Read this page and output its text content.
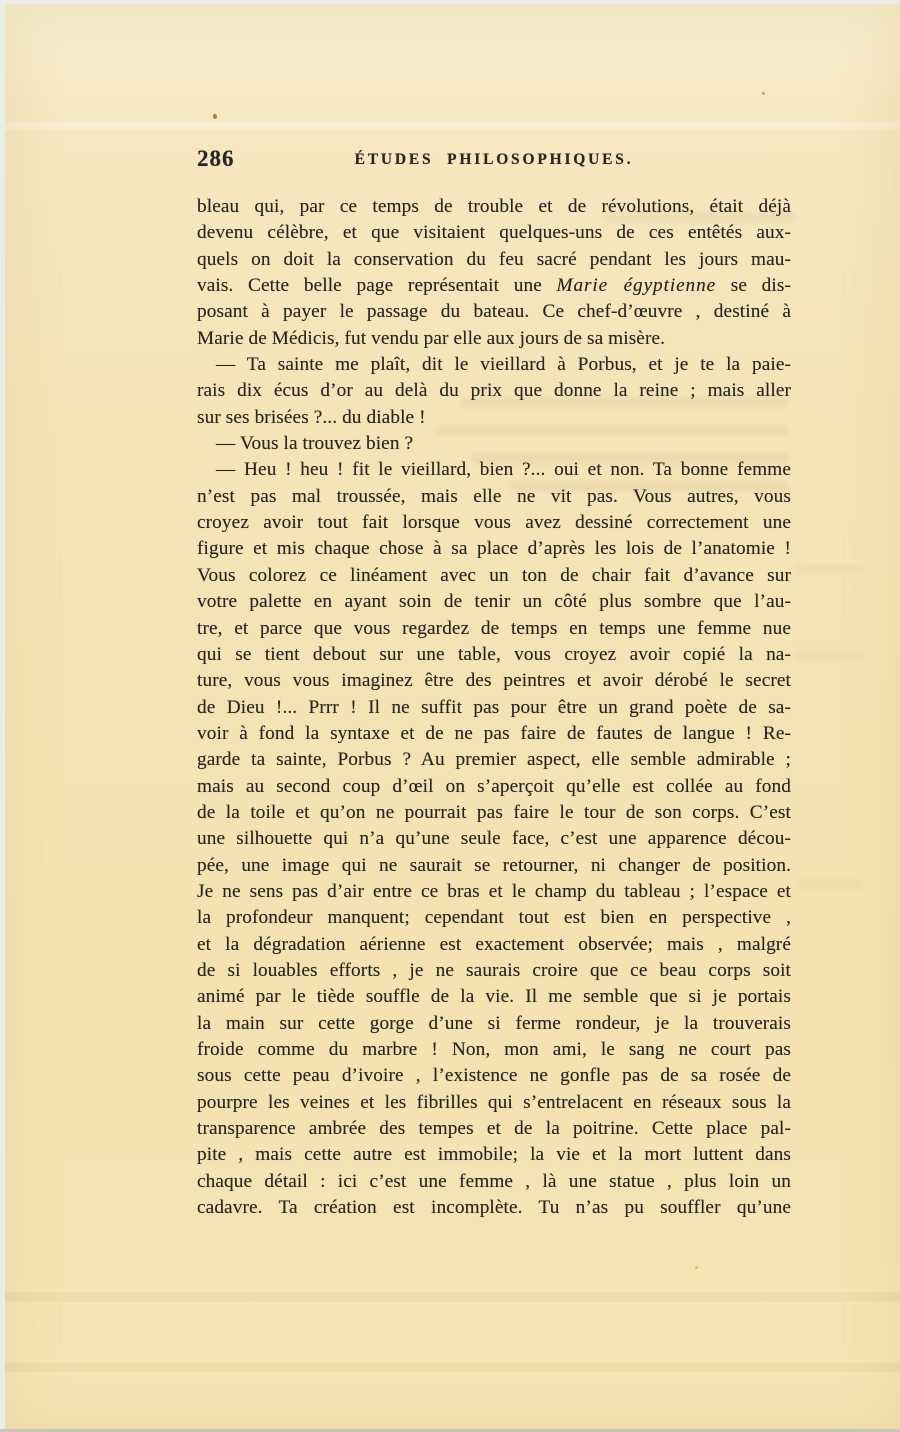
286	ÉTUDES PHILOSOPHIQUES.
bleau qui, par ce temps de trouble et de révolutions, était déjà
devenu célèbre, et que visitaient quelques-uns de ces entêtés aux-
quels on doit la conservation du feu sacré pendant les jours mau-
vais. Cette belle page représentait une Marie égyptienne se dis-
posant à payer le passage du bateau. Ce chef-d’œuvre , destiné à
Marie de Médicis, fut vendu par elle aux jours de sa misère.
— Ta sainte me plaît, dit le vieillard à Porbus, et je te la paie-
rais dix écus d’or au delà du prix que donne la reine ; mais aller
sur ses brisées ?... du diable !
— Vous la trouvez bien ?
— Heu ! heu ! fit le vieillard, bien ?... oui et non. Ta bonne femme
n’est pas mal troussée, mais elle ne vit pas. Vous autres, vous
croyez avoir tout fait lorsque vous avez dessiné correctement une
figure et mis chaque chose à sa place d’après les lois de l’anatomie !
Vous colorez ce linéament avec un ton de chair fait d’avance sur
votre palette en ayant soin de tenir un côté plus sombre que l’au-
tre, et parce que vous regardez de temps en temps une femme nue
qui se tient debout sur une table, vous croyez avoir copié la na-
ture, vous vous imaginez être des peintres et avoir dérobé le secret
de Dieu !... Prrr ! Il ne suffit pas pour être un grand poète de sa-
voir à fond la syntaxe et de ne pas faire de fautes de langue ! Re-
garde ta sainte, Porbus ? Au premier aspect, elle semble admirable ;
mais au second coup d’œil on s’aperçoit qu’elle est collée au fond
de la toile et qu’on ne pourrait pas faire le tour de son corps. C’est
une silhouette qui n’a qu’une seule face, c’est une apparence décou-
pée, une image qui ne saurait se retourner, ni changer de position.
Je ne sens pas d’air entre ce bras et le champ du tableau ; l’espace et
la profondeur manquent; cependant tout est bien en perspective ,
et la dégradation aérienne est exactement observée; mais , malgré
de si louables efforts , je ne saurais croire que ce beau corps soit
animé par le tiède souffle de la vie. Il me semble que si je portais
la main sur cette gorge d’une si ferme rondeur, je la trouverais
froide comme du marbre ! Non, mon ami, le sang ne court pas
sous cette peau d’ivoire , l’existence ne gonfle pas de sa rosée de
pourpre les veines et les fibrilles qui s’entrelacent en réseaux sous la
transparence ambrée des tempes et de la poitrine. Cette place pal-
pite , mais cette autre est immobile; la vie et la mort luttent dans
chaque détail : ici c’est une femme , là une statue , plus loin un
cadavre. Ta création est incomplète. Tu n’as pu souffler qu’une
